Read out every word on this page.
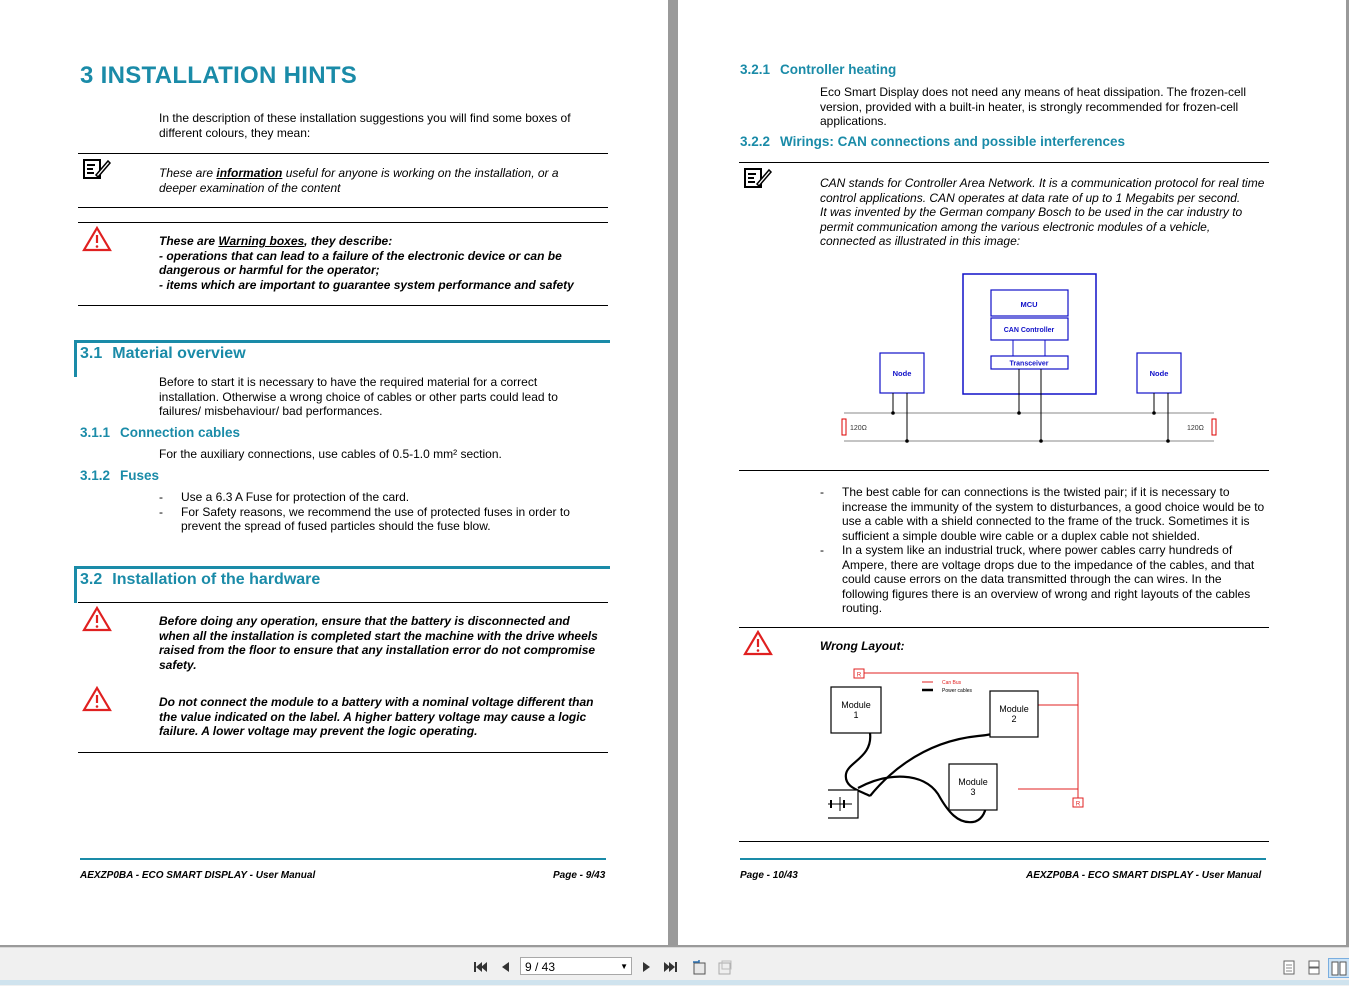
3 INSTALLATION HINTS
In the description of these installation suggestions you will find some boxes of different colours, they mean:
These are information useful for anyone is working on the installation, or a deeper examination of the content
These are Warning boxes, they describe:
- operations that can lead to a failure of the electronic device or can be dangerous or harmful for the operator;
- items which are important to guarantee system performance and safety
3.1 Material overview
Before to start it is necessary to have the required material for a correct installation. Otherwise a wrong choice of cables or other parts could lead to failures/ misbehaviour/ bad performances.
3.1.1 Connection cables
For the auxiliary connections, use cables of 0.5-1.0 mm² section.
3.1.2 Fuses
- Use a 6.3 A Fuse for protection of the card.
- For Safety reasons, we recommend the use of protected fuses in order to prevent the spread of fused particles should the fuse blow.
3.2 Installation of the hardware
Before doing any operation, ensure that the battery is disconnected and when all the installation is completed start the machine with the drive wheels raised from the floor to ensure that any installation error do not compromise safety.
Do not connect the module to a battery with a nominal voltage different than the value indicated on the label. A higher battery voltage may cause a logic failure. A lower voltage may prevent the logic operating.
AEXZP0BA - ECO SMART DISPLAY - User Manual	Page - 9/43
3.2.1 Controller heating
Eco Smart Display does not need any means of heat dissipation. The frozen-cell version, provided with a built-in heater, is strongly recommended for frozen-cell applications.
3.2.2 Wirings: CAN connections and possible interferences
CAN stands for Controller Area Network. It is a communication protocol for real time control applications. CAN operates at data rate of up to 1 Megabits per second.
It was invented by the German company Bosch to be used in the car industry to permit communication among the various electronic modules of a vehicle, connected as illustrated in this image:
MCU
CAN Controller
Transceiver
Node	Node
120Ω	120Ω
- The best cable for can connections is the twisted pair; if it is necessary to increase the immunity of the system to disturbances, a good choice would be to use a cable with a shield connected to the frame of the truck. Sometimes it is sufficient a simple double wire cable or a duplex cable not shielded.
- In a system like an industrial truck, where power cables carry hundreds of Ampere, there are voltage drops due to the impedance of the cables, and that could cause errors on the data transmitted through the can wires. In the following figures there is an overview of wrong and right layouts of the cables routing.
Wrong Layout:
R
R
Can Bus
Power cables
Module
1
Module
2
Module
3
Page - 10/43	AEXZP0BA - ECO SMART DISPLAY - User Manual
9 / 43	▼
